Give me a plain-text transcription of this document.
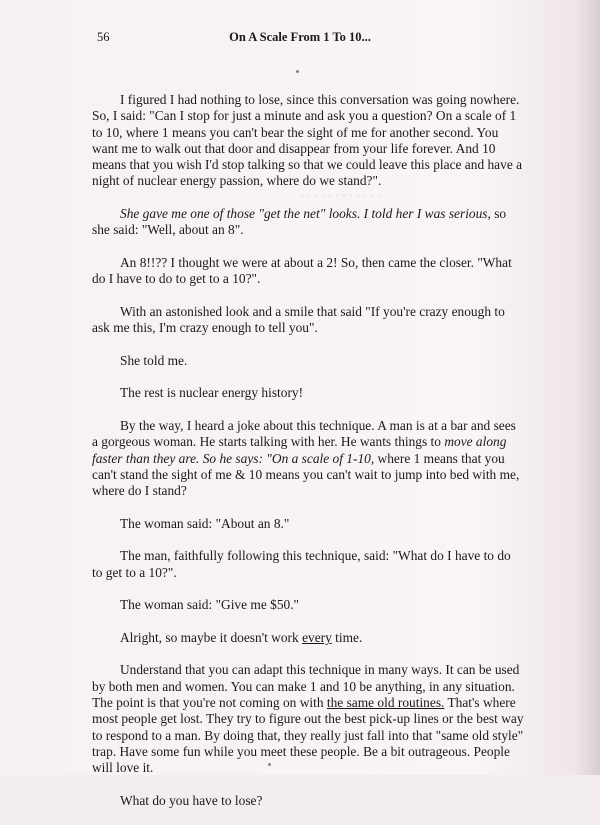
· · · · · · · · · · · ·
56	On A Scale From 1 To 10...

I figured I had nothing to lose, since this conversation was going nowhere. So, I said: "Can I stop for just a minute and ask you a question? On a scale of 1 to 10, where 1 means you can't bear the sight of me for another second. You want me to walk out that door and disappear from your life forever. And 10 means that you wish I'd stop talking so that we could leave this place and have a night of nuclear energy passion, where do we stand?".

She gave me one of those "get the net" looks. I told her I was serious, so she said: "Well, about an 8".

An 8!!?? I thought we were at about a 2! So, then came the closer. "What do I have to do to get to a 10?".

With an astonished look and a smile that said "If you're crazy enough to ask me this, I'm crazy enough to tell you".

She told me.

The rest is nuclear energy history!

By the way, I heard a joke about this technique. A man is at a bar and sees a gorgeous woman. He starts talking with her. He wants things to move along faster than they are. So he says: "On a scale of 1-10, where 1 means that you can't stand the sight of me & 10 means you can't wait to jump into bed with me, where do I stand?

The woman said: "About an 8."

The man, faithfully following this technique, said: "What do I have to do to get to a 10?".

The woman said: "Give me $50."

Alright, so maybe it doesn't work every time.

Understand that you can adapt this technique in many ways. It can be used by both men and women. You can make 1 and 10 be anything, in any situation. The point is that you're not coming on with the same old routines. That's where most people get lost. They try to figure out the best pick-up lines or the best way to respond to a man. By doing that, they really just fall into that "same old style" trap. Have some fun while you meet these people. Be a bit outrageous. People will love it.

What do you have to lose?
